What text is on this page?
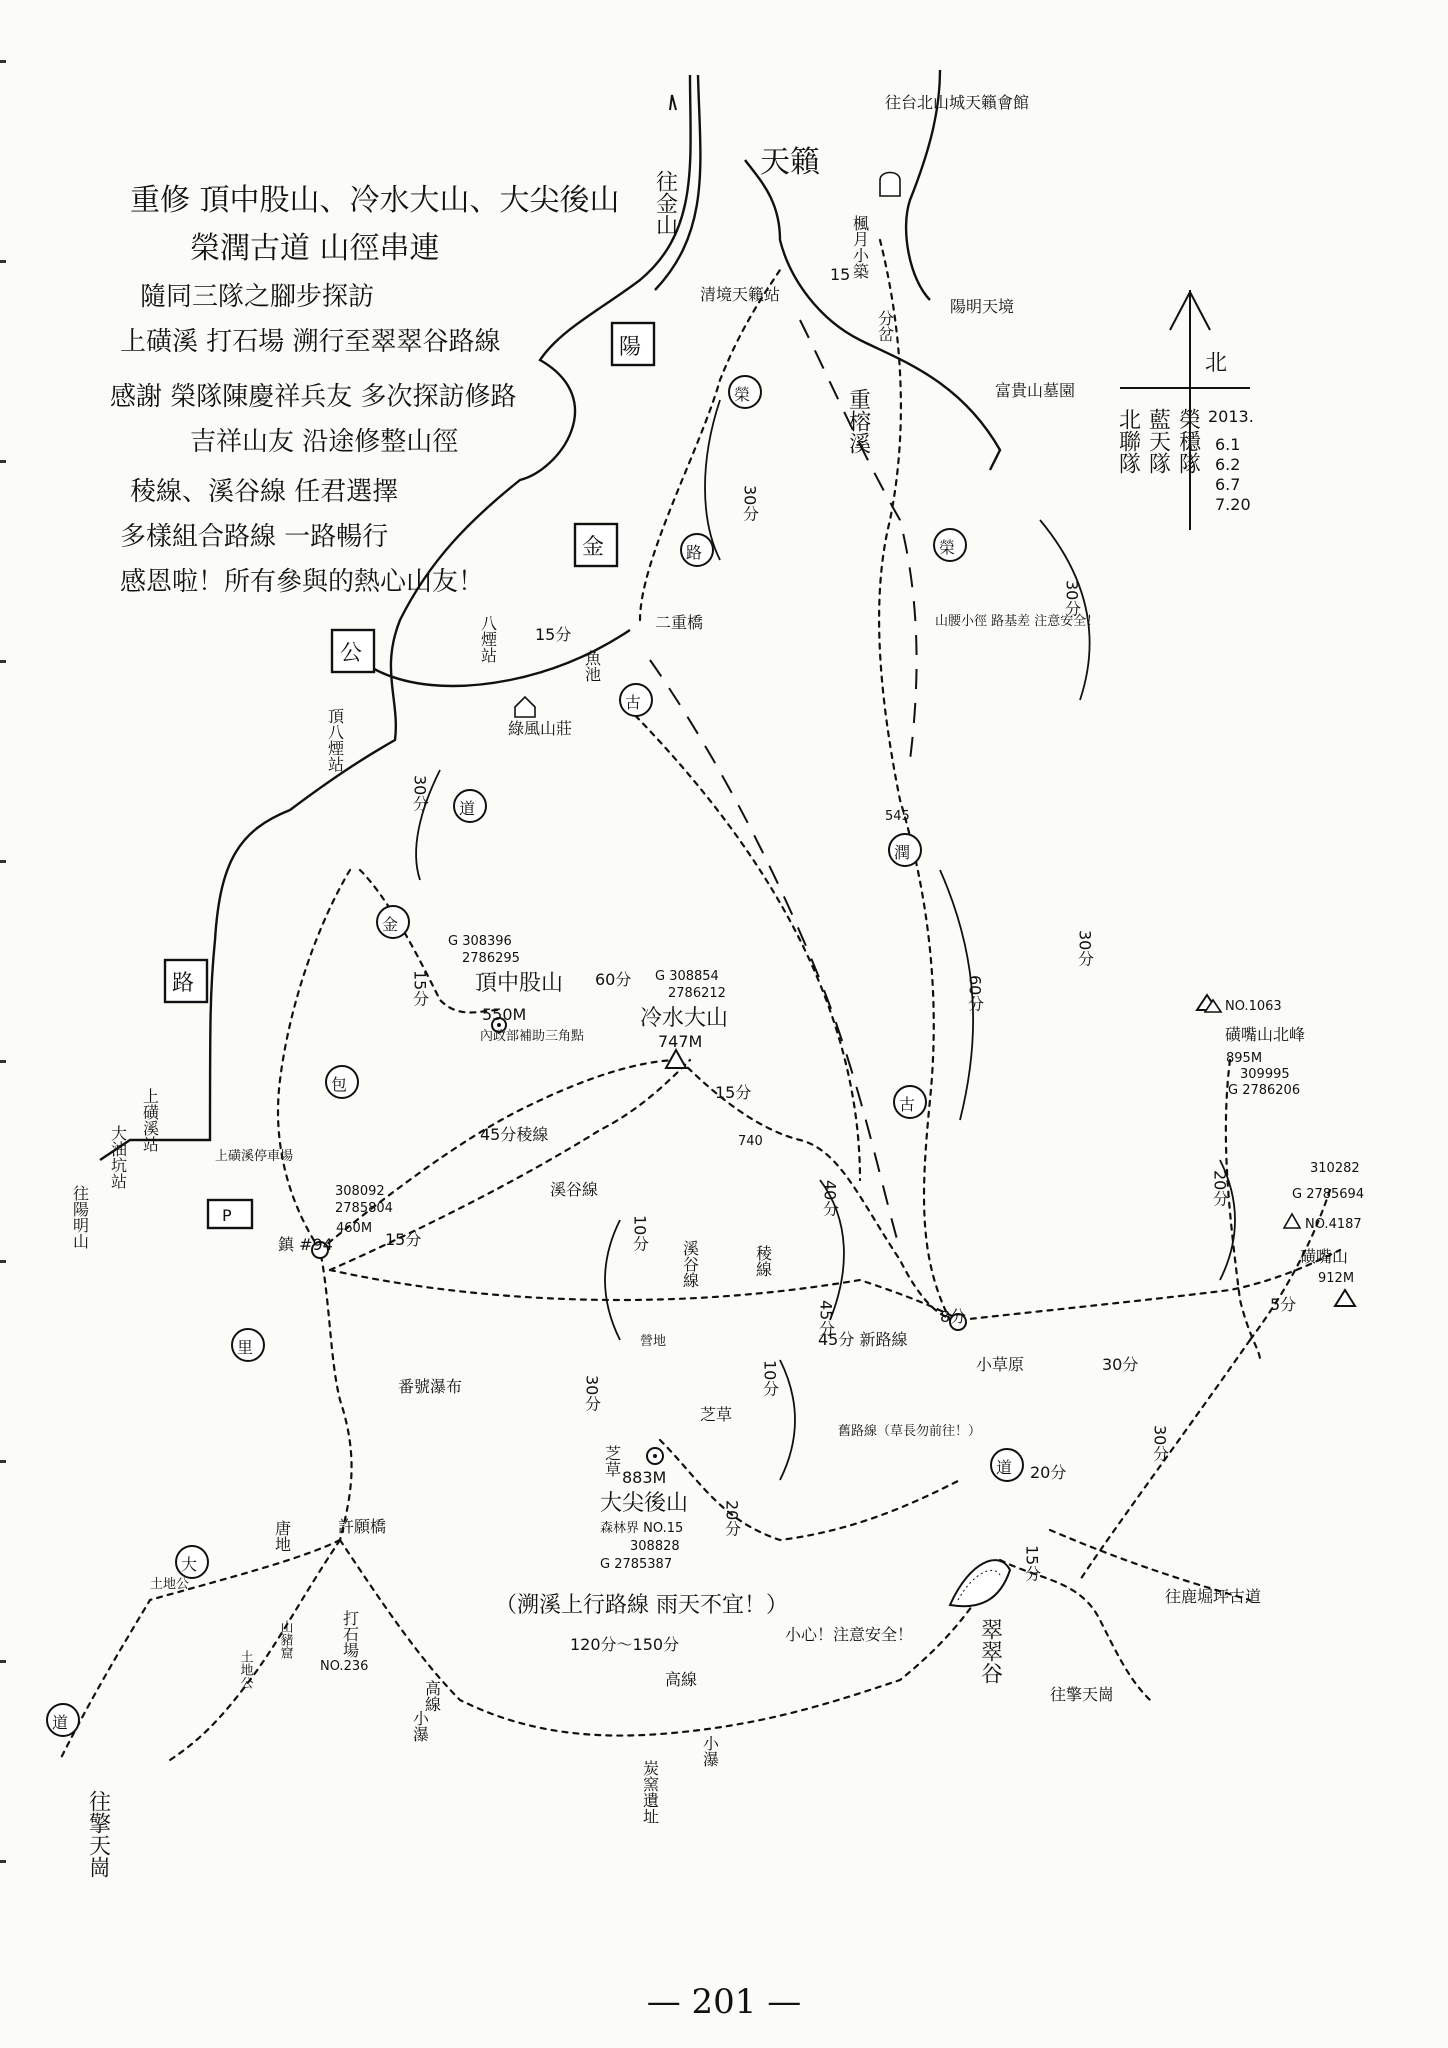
北
北聯隊 藍天隊 榮穩隊 2013.
6.1
6.2
6.7
7.20
重修 頂中股山、冷水大山、大尖後山
榮潤古道 山徑串連
隨同三隊之腳步探訪
上磺溪 打石場 溯行至翠翠谷路線
感謝 榮隊陳慶祥兵友 多次探訪修路
吉祥山友 沿途修整山徑
稜線、溪谷線 任君選擇
多樣組合路線 一路暢行
感恩啦！所有參與的熱心山友！
陽
金
公
路
榮
路
古
道
金
包
里
大
道
榮
潤
古
道
往金山
天籟
往台北山城天籟會館
楓月小築
清境天籟站
分岔
陽明天境
富貴山墓園
重榕溪
山腰小徑 路基差 注意安全！
八煙站
魚池
二重橋
綠風山莊
頂八煙站
頂中股山
550M
內政部補助三角點
G 308396
2786295
冷水大山
747M
G 308854
2786212
上磺溪站
大油坑站
往陽明山
上磺溪停車場
P
45分稜線
溪谷線
鎮 #94
308092
2785804
460M
740
45分 新路線
小草原
溪谷線	稜線
營地
番號瀑布
大尖後山
883M
森林界 NO.15
308828
G 2785387
芝草
芝草
許願橋
舊路線（草長勿前往！）
唐地
打石場
山豬窟
土地公
土地公	NO.236
高線
高線
小瀑
小瀑
炭窯遺址
（溯溪上行路線 雨天不宜！）
120分～150分
小心！注意安全！	翠翠谷
往鹿堀坪古道
往擎天崗
往擎天崗
NO.1063
磺嘴山北峰
895M
309995
G 2786206
磺嘴山
912M
NO.4187
310282
G 2785694
545
15
30分
15分
30分
60分
60分
30分
15分
40分
10分
10分
30分
8分
30分
20分
30分
5分
20分
15分
15分
20分
15分
30分
45分
— 201 —
